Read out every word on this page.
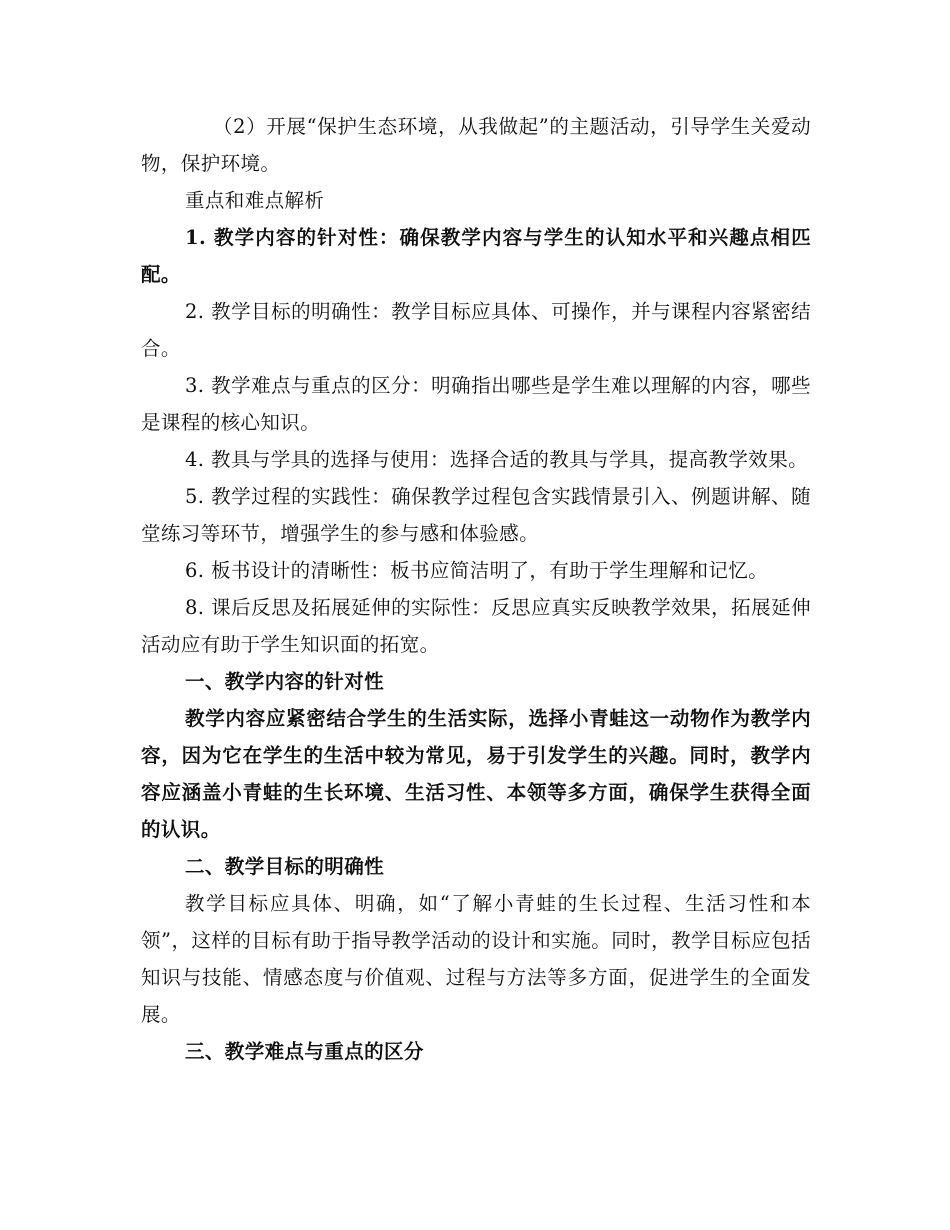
（2）开展“保护生态环境，从我做起”的主题活动，引导学生关爱动物，保护环境。

重点和难点解析

1. 教学内容的针对性：确保教学内容与学生的认知水平和兴趣点相匹配。

2. 教学目标的明确性：教学目标应具体、可操作，并与课程内容紧密结合。

3. 教学难点与重点的区分：明确指出哪些是学生难以理解的内容，哪些是课程的核心知识。

4. 教具与学具的选择与使用：选择合适的教具与学具，提高教学效果。

5. 教学过程的实践性：确保教学过程包含实践情景引入、例题讲解、随堂练习等环节，增强学生的参与感和体验感。

6. 板书设计的清晰性：板书应简洁明了，有助于学生理解和记忆。

8. 课后反思及拓展延伸的实际性：反思应真实反映教学效果，拓展延伸活动应有助于学生知识面的拓宽。

一、教学内容的针对性

教学内容应紧密结合学生的生活实际，选择小青蛙这一动物作为教学内容，因为它在学生的生活中较为常见，易于引发学生的兴趣。同时，教学内容应涵盖小青蛙的生长环境、生活习性、本领等多方面，确保学生获得全面的认识。

二、教学目标的明确性

教学目标应具体、明确，如“了解小青蛙的生长过程、生活习性和本领”，这样的目标有助于指导教学活动的设计和实施。同时，教学目标应包括知识与技能、情感态度与价值观、过程与方法等多方面，促进学生的全面发展。

三、教学难点与重点的区分
